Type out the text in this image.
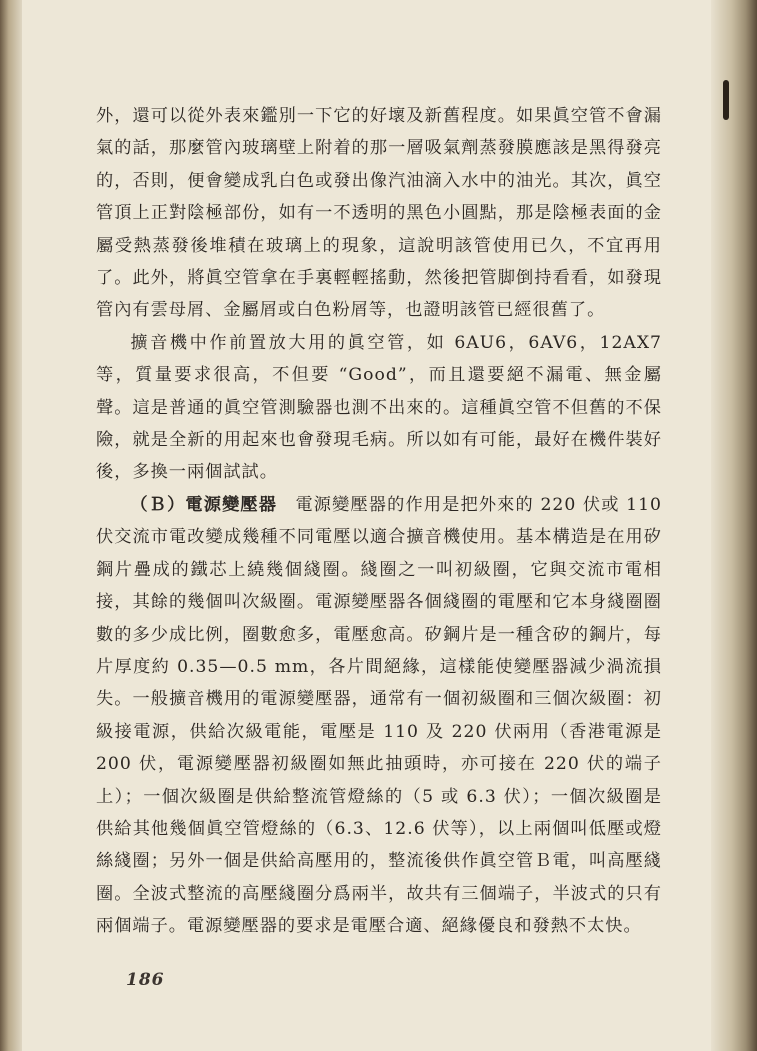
外，還可以從外表來鑑別一下它的好壞及新舊程度。如果眞空管不會漏氣的話，那麼管內玻璃壁上附着的那一層吸氣劑蒸發膜應該是黑得發亮的，否則，便會變成乳白色或發出像汽油滴入水中的油光。其次，眞空管頂上正對陰極部份，如有一不透明的黑色小圓點，那是陰極表面的金屬受熱蒸發後堆積在玻璃上的現象，這說明該管使用已久，不宜再用了。此外，將眞空管拿在手裏輕輕搖動，然後把管脚倒持看看，如發現管內有雲母屑、金屬屑或白色粉屑等，也證明該管已經很舊了。

擴音機中作前置放大用的眞空管，如 6AU6，6AV6，12AX7 等，質量要求很高，不但要 “Good”，而且還要絕不漏電、無金屬聲。這是普通的眞空管測驗器也測不出來的。這種眞空管不但舊的不保險，就是全新的用起來也會發現毛病。所以如有可能，最好在機件裝好後，多換一兩個試試。

（Ｂ）電源變壓器　電源變壓器的作用是把外來的 220 伏或 110 伏交流市電改變成幾種不同電壓以適合擴音機使用。基本構造是在用矽鋼片疊成的鐵芯上繞幾個綫圈。綫圈之一叫初級圈，它與交流市電相接，其餘的幾個叫次級圈。電源變壓器各個綫圈的電壓和它本身綫圈圈數的多少成比例，圈數愈多，電壓愈高。矽鋼片是一種含矽的鋼片，每片厚度約 0.35—0.5 mm，各片間絕緣，這樣能使變壓器減少渦流損失。一般擴音機用的電源變壓器，通常有一個初級圈和三個次級圈：初級接電源，供給次級電能，電壓是 110 及 220 伏兩用（香港電源是 200 伏，電源變壓器初級圈如無此抽頭時，亦可接在 220 伏的端子上）；一個次級圈是供給整流管燈絲的（5 或 6.3 伏）；一個次級圈是供給其他幾個眞空管燈絲的（6.3、12.6 伏等），以上兩個叫低壓或燈絲綫圈；另外一個是供給高壓用的，整流後供作眞空管Ｂ電，叫高壓綫圈。全波式整流的高壓綫圈分爲兩半，故共有三個端子，半波式的只有兩個端子。電源變壓器的要求是電壓合適、絕緣優良和發熱不太快。

186
